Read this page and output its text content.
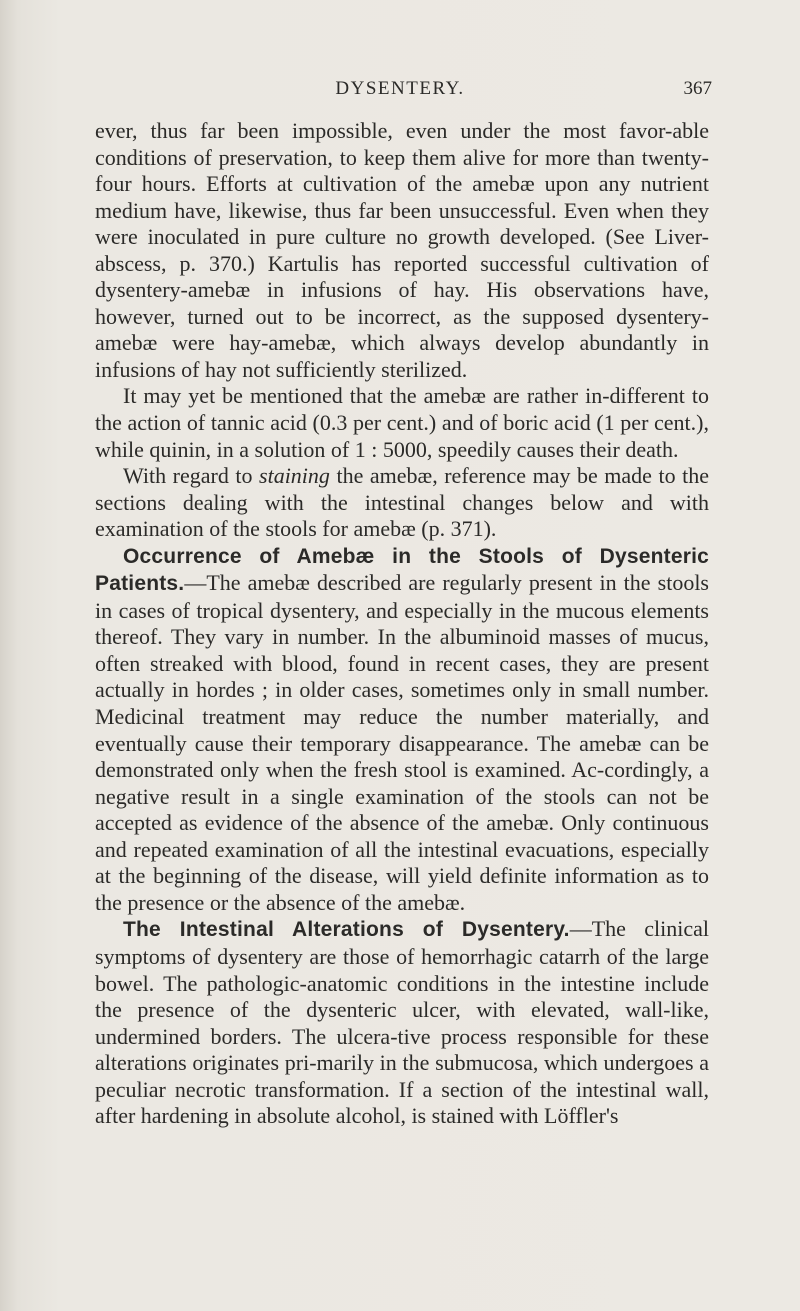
DYSENTERY.	367

ever, thus far been impossible, even under the most favor-able conditions of preservation, to keep them alive for more than twenty-four hours. Efforts at cultivation of the amebæ upon any nutrient medium have, likewise, thus far been unsuccessful. Even when they were inoculated in pure culture no growth developed. (See Liver-abscess, p. 370.) Kartulis has reported successful cultivation of dysentery-amebæ in infusions of hay. His observations have, however, turned out to be incorrect, as the supposed dysentery-amebæ were hay-amebæ, which always develop abundantly in infusions of hay not sufficiently sterilized.

It may yet be mentioned that the amebæ are rather in-different to the action of tannic acid (0.3 per cent.) and of boric acid (1 per cent.), while quinin, in a solution of 1 : 5000, speedily causes their death.

With regard to staining the amebæ, reference may be made to the sections dealing with the intestinal changes below and with examination of the stools for amebæ (p. 371).

Occurrence of Amebæ in the Stools of Dysenteric Patients.—The amebæ described are regularly present in the stools in cases of tropical dysentery, and especially in the mucous elements thereof. They vary in number. In the albuminoid masses of mucus, often streaked with blood, found in recent cases, they are present actually in hordes ; in older cases, sometimes only in small number. Medicinal treatment may reduce the number materially, and eventually cause their temporary disappearance. The amebæ can be demonstrated only when the fresh stool is examined. Ac-cordingly, a negative result in a single examination of the stools can not be accepted as evidence of the absence of the amebæ. Only continuous and repeated examination of all the intestinal evacuations, especially at the beginning of the disease, will yield definite information as to the presence or the absence of the amebæ.

The Intestinal Alterations of Dysentery.—The clinical symptoms of dysentery are those of hemorrhagic catarrh of the large bowel. The pathologic-anatomic conditions in the intestine include the presence of the dysenteric ulcer, with elevated, wall-like, undermined borders. The ulcera-tive process responsible for these alterations originates pri-marily in the submucosa, which undergoes a peculiar necrotic transformation. If a section of the intestinal wall, after hardening in absolute alcohol, is stained with Löffler's
